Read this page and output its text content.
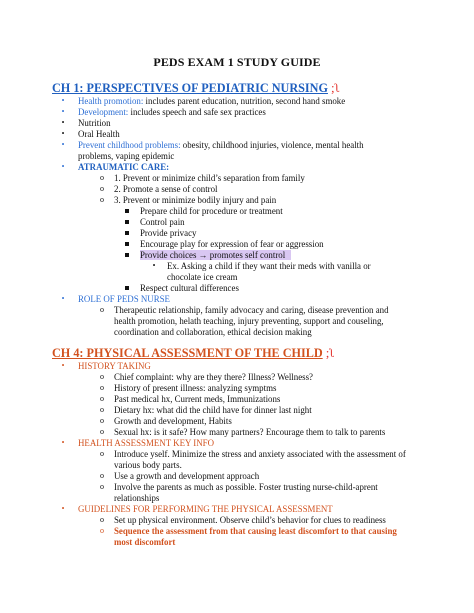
PEDS EXAM 1 STUDY GUIDE
CH 1: PERSPECTIVES OF PEDIATRIC NURSING ;ʅ
•	Health promotion: includes parent education, nutrition, second hand smoke
•	Development: includes speech and safe sex practices
•	Nutrition
•	Oral Health
•	Prevent childhood problems: obesity, childhood injuries, violence, mental health
problems, vaping epidemic
•	ATRAUMATIC CARE:
o	1. Prevent or minimize child’s separation from family
o	2. Promote a sense of control
o	3. Prevent or minimize bodily injury and pain
Prepare child for procedure or treatment
Control pain
Provide privacy
Encourage play for expression of fear or aggression
Provide choices → promotes self control
•	Ex. Asking a child if they want their meds with vanilla or
chocolate ice cream
Respect cultural differences
•	ROLE OF PEDS NURSE
o	Therapeutic relationship, family advocacy and caring, disease prevention and
health promotion, helath teaching, injury preventing, support and couseling,
coordination and collaboration, ethical decision making
CH 4: PHYSICAL ASSESSMENT OF THE CHILD ;ʅ
•	HISTORY TAKING
o	Chief complaint: why are they there? Illness? Wellness?
o	History of present illness: analyzing symptms
o	Past medical hx, Current meds, Immunizations
o	Dietary hx: what did the child have for dinner last night
o	Growth and development, Habits
o	Sexual hx: is it safe? How many partners? Encourage them to talk to parents
•	HEALTH ASSESSMENT KEY INFO
o	Introduce yself. Minimize the stress and anxiety associated with the assessment of
various body parts.
o	Use a growth and development approach
o	Involve the parents as much as possible. Foster trusting nurse-child-aprent
relationships
•	GUIDELINES FOR PERFORMING THE PHYSICAL ASSESSMENT
o	Set up physical environment. Observe child’s behavior for clues to readiness
o	Sequence the assessment from that causing least discomfort to that causing
most discomfort
